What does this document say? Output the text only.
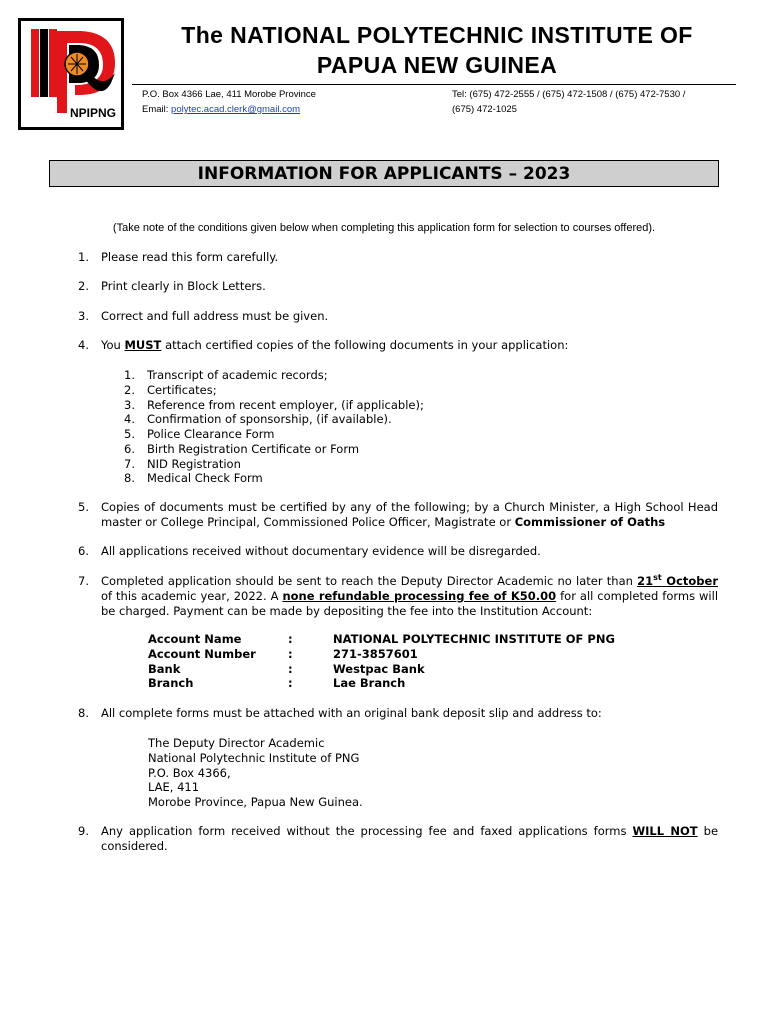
NPIPNG
The NATIONAL POLYTECHNIC INSTITUTE OF
PAPUA NEW GUINEA
P.O. Box 4366 Lae, 411 Morobe Province
Email: polytec.acad.clerk@gmail.com
Tel: (675) 472-2555 / (675) 472-1508 / (675) 472-7530 /
(675) 472-1025
INFORMATION FOR APPLICANTS – 2023
(Take note of the conditions given below when completing this application form for selection to courses offered).
1.	Please read this form carefully.
2.	Print clearly in Block Letters.
3.	Correct and full address must be given.
4.	You MUST attach certified copies of the following documents in your application:
1. Transcript of academic records;
2. Certificates;
3. Reference from recent employer, (if applicable);
4. Confirmation of sponsorship, (if available).
5. Police Clearance Form
6. Birth Registration Certificate or Form
7. NID Registration
8. Medical Check Form
5.	Copies of documents must be certified by any of the following; by a Church Minister, a High School Head master or College Principal, Commissioned Police Officer, Magistrate or Commissioner of Oaths
6.	All applications received without documentary evidence will be disregarded.
7.	Completed application should be sent to reach the Deputy Director Academic no later than 21st October of this academic year, 2022. A none refundable processing fee of K50.00 for all completed forms will be charged. Payment can be made by depositing the fee into the Institution Account:
Account Name	:	NATIONAL POLYTECHNIC INSTITUTE OF PNG
Account Number	:	271-3857601
Bank	:	Westpac Bank
Branch	:	Lae Branch
8.	All complete forms must be attached with an original bank deposit slip and address to:
The Deputy Director Academic
National Polytechnic Institute of PNG
P.O. Box 4366,
LAE, 411
Morobe Province, Papua New Guinea.
9.	Any application form received without the processing fee and faxed applications forms WILL NOT be considered.
